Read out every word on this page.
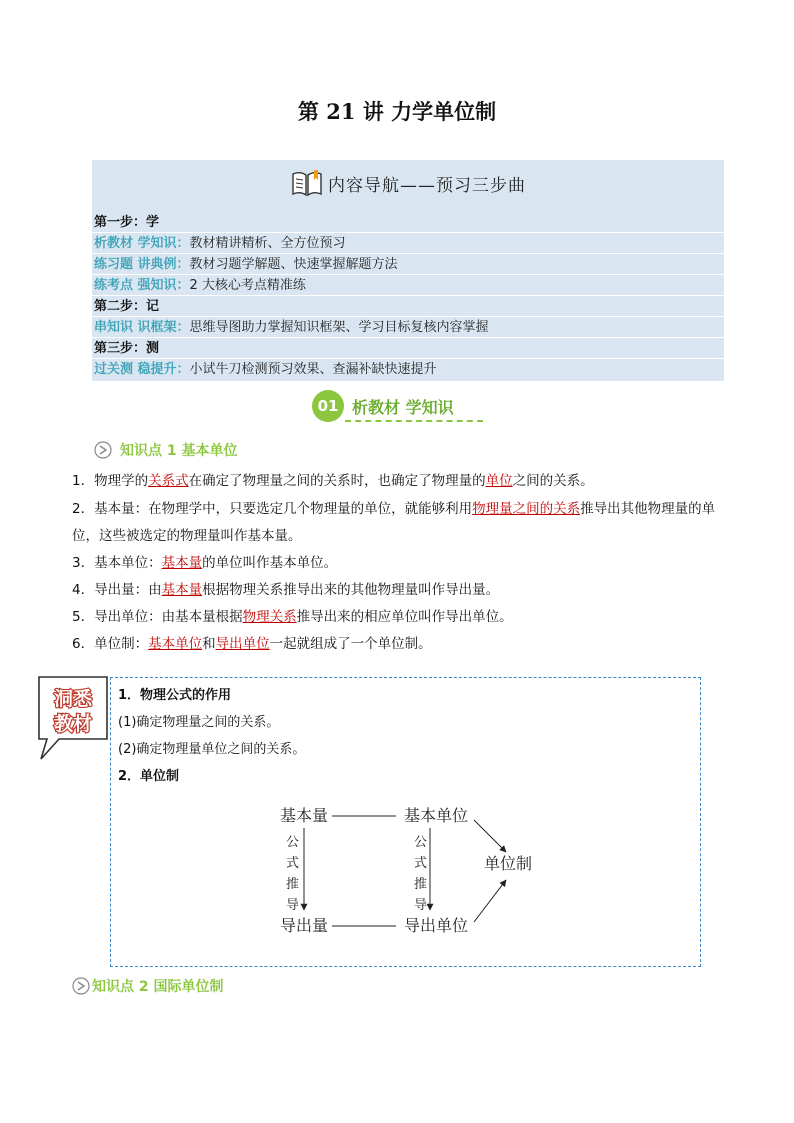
第 21 讲 力学单位制
内容导航——预习三步曲
第一步：学
析教材 学知识：教材精讲精析、全方位预习
练习题 讲典例：教材习题学解题、快速掌握解题方法
练考点 强知识：2 大核心考点精准练
第二步：记
串知识 识框架：思维导图助力掌握知识框架、学习目标复核内容掌握
第三步：测
过关测 稳提升：小试牛刀检测预习效果、查漏补缺快速提升
01 析教材 学知识
知识点 1 基本单位
1．物理学的关系式在确定了物理量之间的关系时，也确定了物理量的单位之间的关系。
2．基本量：在物理学中，只要选定几个物理量的单位，就能够利用物理量之间的关系推导出其他物理量的单位，这些被选定的物理量叫作基本量。
3．基本单位：基本量的单位叫作基本单位。
4．导出量：由基本量根据物理关系推导出来的其他物理量叫作导出量。
5．导出单位：由基本量根据物理关系推导出来的相应单位叫作导出单位。
6．单位制：基本单位和导出单位一起就组成了一个单位制。
洞悉
教材
1．物理公式的作用
(1)确定物理量之间的关系。
(2)确定物理量单位之间的关系。
2．单位制
基本量	基本单位
导出量	导出单位
单位制
公
式
推
导
公
式
推
导
知识点 2 国际单位制
